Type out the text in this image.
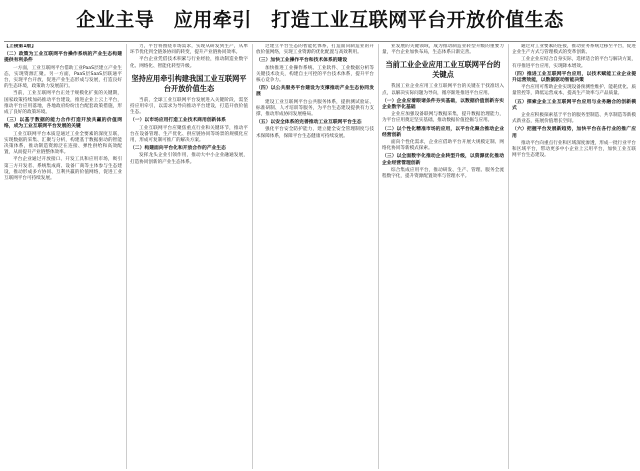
企业主导　应用牵引　打造工业互联网平台开放价值生态
【上接第1版】
（二）政策为工业互联网平台操作系统的产业生态构建提供有利条件

一方面，工业互联网平台借助工业PaaS层建立产业生态，实现资源汇聚。另一方面，PaaS层SaaS层联通平台，实现平台开放，促进产业生态形成与发展，打造良好的生态环境，政策助力发展前行。

当前，工业互联网平台正处于规模化扩张的关键期，国家政策持续加码推动平台建设，推进企业上云上平台，推动平台应用落地，各地政府纷纷出台配套政策措施，形成了良好的政策环境。

（三）以基于数据的能力合作打造开放共赢的价值网络，成为工业互联网平台发展的关键

工业互联网平台本质是通过工业全要素的深度互联，实现数据的采集、汇聚与分析，构建基于数据驱动的智能决策体系，推动制造资源泛在连接、弹性供给和高效配置，从而提升产业链整体效率。

平台企业通过开放接口、开发工具和应用市场，吸引第三方开发者、系统集成商、设备厂商等主体参与生态建设，推动形成多方协同、互利共赢的价值网络，促进工业互联网平台可持续发展。

力，平台将围绕市场需求，实现从研发到生产，从单环节优化到全链条协同的转变，提升产业链协同效率。

平台企业凭借技术积累与行业经验，推动制造业数字化、网络化、智能化转型升级。

坚持应用牵引构建我国工业互联网平台开放价值生态

当前，全球工业互联网平台发展进入关键阶段，需坚持应用牵引，以需求为导向推动平台建设，打造开放价值生态。

（一）以市场应用打造工业技术商用创新体系

工业互联网平台应聚焦重点行业和关键环节，推动平台在设备管理、生产优化、供应链协同等场景的规模化应用，形成可复制可推广的解决方案。

（二）构建面向平台化和开放合作的产业生态

发挥龙头企业引领作用，推动大中小企业融通发展，打造协同创新的产业生态体系。

过建立平台生态的智能化体系，打造面向制造业的开放价值网络，实现工业资源的优化配置与高效利用。

（三）加快工业操作平台和技术体系的建设

加快推进工业操作系统、工业软件、工业数据分析等关键技术攻关，构建自主可控的平台技术体系，提升平台核心竞争力。

（四）以公共服务平台建设为支撑推动产业生态协同发展

建设工业互联网平台公共服务体系，提供测试验证、标准研制、人才培训等服务，为平台生态建设提供有力支撑，推动形成协同发展格局。

（五）以安全体系的完善推动工业互联网平台生态

强化平台安全防护能力，建立健全安全管理制度与技术保障体系，保障平台生态健康可持续发展。

业发展的关键领域，成为推动制造业转型升级的重要力量，平台企业加快布局，生态体系日渐完善。

当前工业企业应用工业互联网平台的关键点

我国工业企业应用工业互联网平台的关键在于找准切入点，以解决实际问题为导向，循序渐进推进平台应用。

（一）企业应着眼诸条件夯实基础，以数据价值创新夯实企业数字化基础

企业应加强设备联网与数据采集，提升数据治理能力，为平台应用奠定坚实基础，推动数据价值挖掘与应用。

（二）以个性化精准市场的应用，以平台化聚合推动企业经营创新

面向个性化需求，企业应借助平台开展大规模定制、网络化协同等新模式探索。

（三）以全面数字化推动企业转型升级，以资源优化推动企业经营管理创新

综合集成应用平台，推动研发、生产、管理、服务全流程数字化，提升资源配置效率与管理水平。

通过对工业要素的连接，推动业务系统迁移至平台，促进企业生产方式与管理模式的变革创新。

工业企业应结合自身实际，选择适合的平台与解决方案，有序推进平台应用，实现降本增效。

（四）推进工业互联网平台应用，以技术赋能工业企业提升运营效能，以数据驱动智能决策

平台应用可帮助企业实现设备预测性维护、能耗优化、质量管控等，降低运营成本，提高生产效率与产品质量。

（五）探索企业工业互联网平台应用与业务融合的创新模式

企业应积极探索基于平台的服务型制造、共享制造等新模式新业态，拓展价值增长空间。

（六）把握平台发展新趋势，加快平台在各行业的推广应用

推动平台向重点行业和区域深度渗透，形成一批行业平台和区域平台，带动更多中小企业上云用平台，加快工业互联网平台生态建设。
